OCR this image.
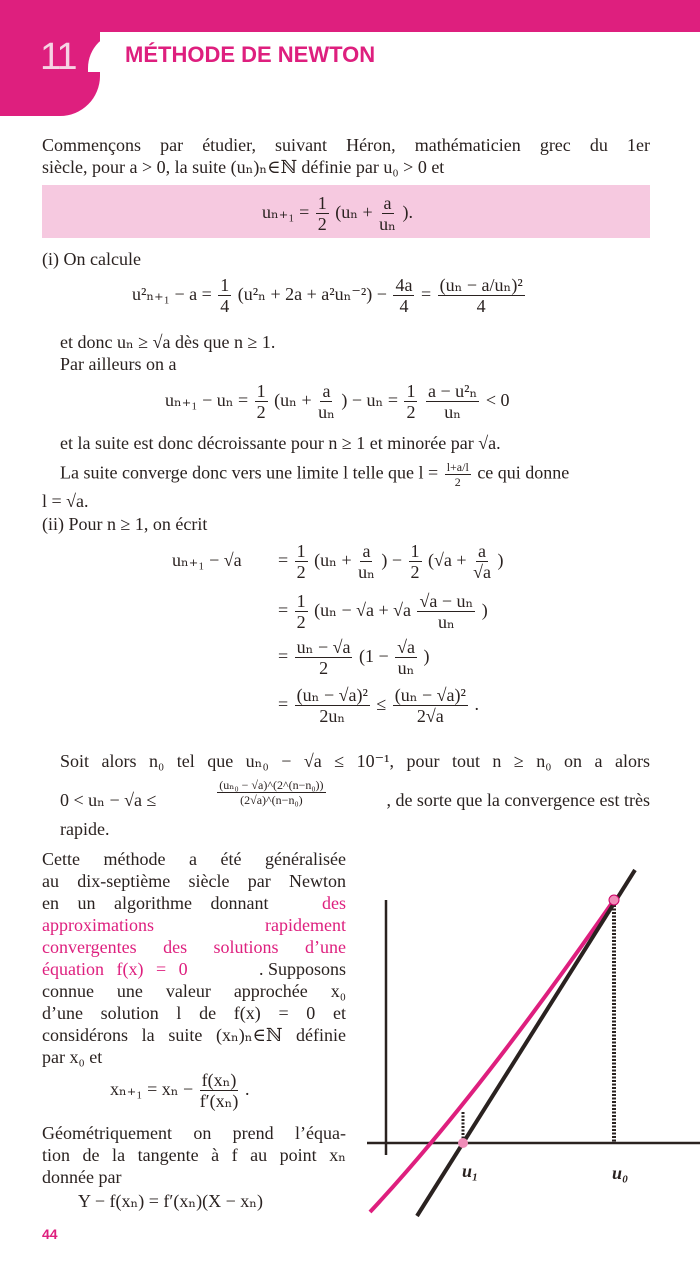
11 MÉTHODE DE NEWTON
Commençons par étudier, suivant Héron, mathématicien grec du 1er
siècle, pour a > 0, la suite (uₙ)ₙ∈ℕ définie par u₀ > 0 et
$u_{n+1} = \frac{1}{2} (u_n + \frac{a}{\text{uₙ}}$ ).
(i) On calcule
$u^2_{n+1} - a = \frac{1}{4} (u^2_n + 2a + a^2u_n^{-2}) - \frac{4a}{4} = \frac{\text{(uₙ − a/uₙ)²}}{4}$
et donc uₙ ≥ √a dès que n ≥ 1.
Par ailleurs on a
$u_{n+1} - u_n = \frac{1}{2} (u_n + \frac{a}{\text{uₙ}}$ ) − $u_n = \frac{1}{2}$
$\frac{\text{a − u²ₙ}}{\text{uₙ}} < 0$
et la suite est donc décroissante pour n ≥ 1 et minorée par √a.
La suite converge donc vers une limite l telle que $l = \frac{l+a/l}{2}$ ce qui donne
l = √a.
(ii) Pour n ≥ 1, on écrit
$u_{n+1} - √a = \frac{1}{2} (u_n + \frac{a}{\text{uₙ}}$ ) − $\frac{1}{2} (√a + \frac{a}{√a}$ )
= $\frac{1}{2} (u_n - √a + √a \frac{\text{√a − uₙ}}{\text{uₙ}}$ )
= $\frac{\text{uₙ − √a}}{2} (1 - \frac{√a}{\text{uₙ}}$ )
= $\frac{\text{(uₙ − √a)²}}{\text{2uₙ}} \le \frac{\text{(uₙ − √a)²}}{2√a}$ .
Soit alors n₀ tel que uₙ₀ − √a ≤ 10⁻¹, pour tout n ≥ n₀ on a alors
0 < uₙ − √a ≤	$\frac{\text{(uₙ₀ − √a)\textasciicircum{}(2\textasciicircum{}(n−n₀))}}{\text{(2√a)\textasciicircum{}(n−n₀)}}$	, de sorte que la convergence est très
rapide.
Cette méthode a été généralisée
au dix-septième siècle par Newton
en un algorithme donnant	des
approximations rapidement
convergentes des solutions d’une
équation f(x) = 0	. Supposons
connue une valeur approchée x₀
d’une solution l de f(x) = 0 et
considérons la suite (xₙ)ₙ∈ℕ définie
par x₀ et
$x_{n+1} = x_n - \frac{\text{f(xₙ)}}{\text{f′(xₙ)}}$ .
Géométriquement on prend l’équa-
tion de la tangente à f au point xₙ
donnée par
Y − f(xₙ) = f′(xₙ)(X − xₙ)
u₁	u₀
44
